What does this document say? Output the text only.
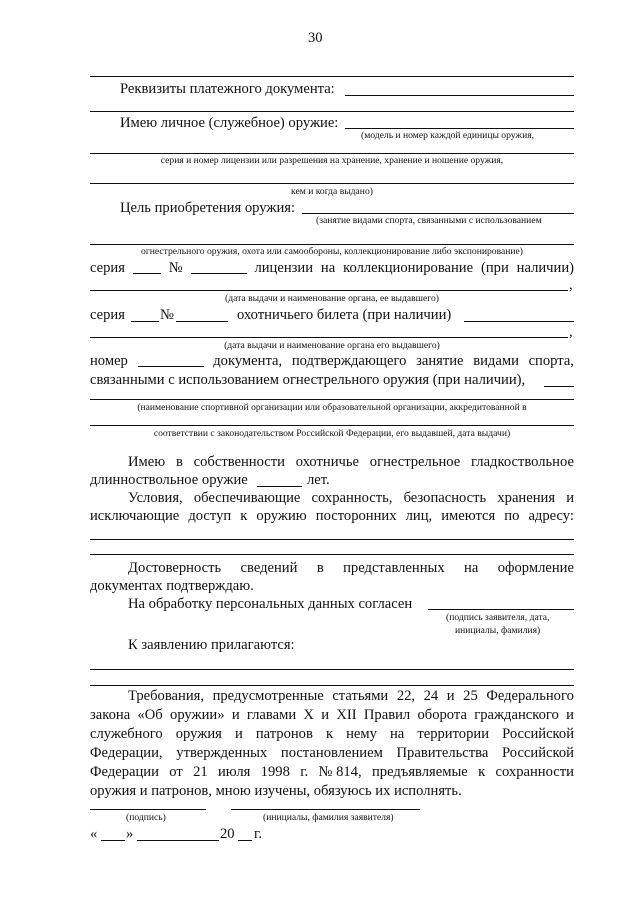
30
Реквизиты платежного документа:
Имею личное (служебное) оружие:
(модель и номер каждой единицы оружия,
серия и номер лицензии или разрешения на хранение, хранение и ношение оружия,
кем и когда выдано)
Цель приобретения оружия:
(занятие видами спорта, связанными с использованием
огнестрельного оружия, охота или самообороны, коллекционирование либо экспонирование)
серия	№	лицензии на коллекционирование (при наличии)
,
(дата выдачи и наименование органа, ее выдавшего)
серия №	охотничьего билета (при наличии)
,
(дата выдачи и наименование органа его выдавшего)
номер	документа, подтверждающего занятие видами спорта,
связанными с использованием огнестрельного оружия (при наличии),
(наименование спортивной организации или образовательной организации, аккредитованной в
соответствии с законодательством Российской Федерации, его выдавшей, дата выдачи)
Имею в собственности охотничье огнестрельное гладкоствольное
длинноствольное оружие	лет.
Условия, обеспечивающие сохранность, безопасность хранения и
исключающие доступ к оружию посторонних лиц, имеются по адресу:
Достоверность сведений в представленных на оформление
документах подтверждаю.
На обработку персональных данных согласен
(подпись заявителя, дата,
инициалы, фамилия)
К заявлению прилагаются:
Требования, предусмотренные статьями 22, 24 и 25 Федерального
закона «Об оружии» и главами X и XII Правил оборота гражданского и
служебного оружия и патронов к нему на территории Российской
Федерации, утвержденных постановлением Правительства Российской
Федерации от 21 июля 1998 г. № 814, предъявляемые к сохранности
оружия и патронов, мною изучены, обязуюсь их исполнять.
(подпись)	(инициалы, фамилия заявителя)
« »	20 г.
